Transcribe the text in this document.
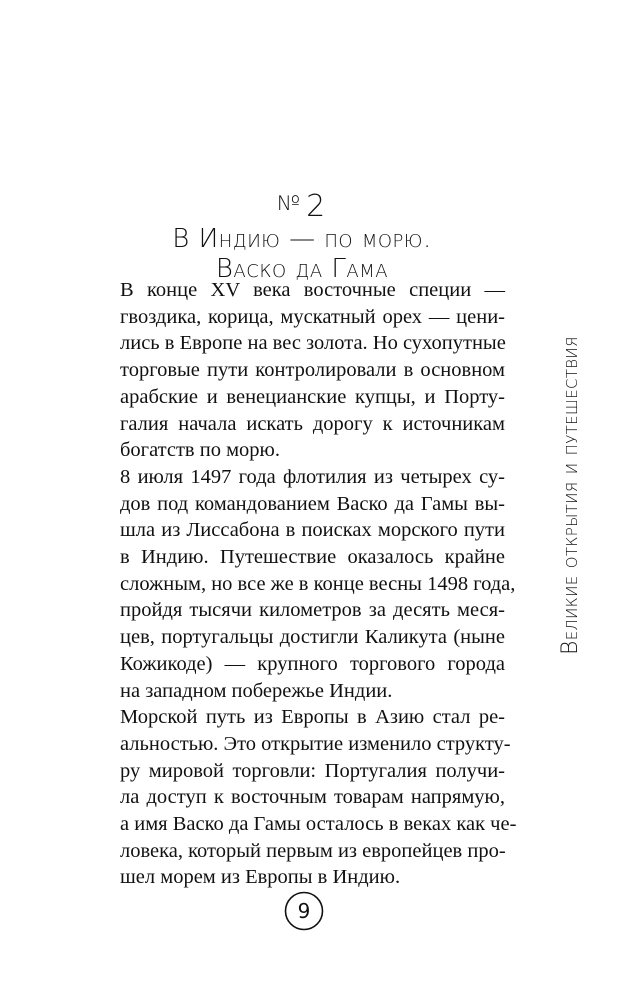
№ 2
В Индию — по морю.
Васко да Гама
В конце XV века восточные специи —
гвоздика, корица, мускатный орех — цени-
лись в Европе на вес золота. Но сухопутные
торговые пути контролировали в основном
арабские и венецианские купцы, и Порту-
галия начала искать дорогу к источникам
богатств по морю.
8 июля 1497 года флотилия из четырех су-
дов под командованием Васко да Гамы вы-
шла из Лиссабона в поисках морского пути
в Индию. Путешествие оказалось крайне
сложным, но все же в конце весны 1498 года,
пройдя тысячи километров за десять меся-
цев, португальцы достигли Каликута (ныне
Кожикоде) — крупного торгового города
на западном побережье Индии.
Морской путь из Европы в Азию стал ре-
альностью. Это открытие изменило структу-
ру мировой торговли: Португалия получи-
ла доступ к восточным товарам напрямую,
а имя Васко да Гамы осталось в веках как че-
ловека, который первым из европейцев про-
шел морем из Европы в Индию.
Великие открытия и путешествия
9
